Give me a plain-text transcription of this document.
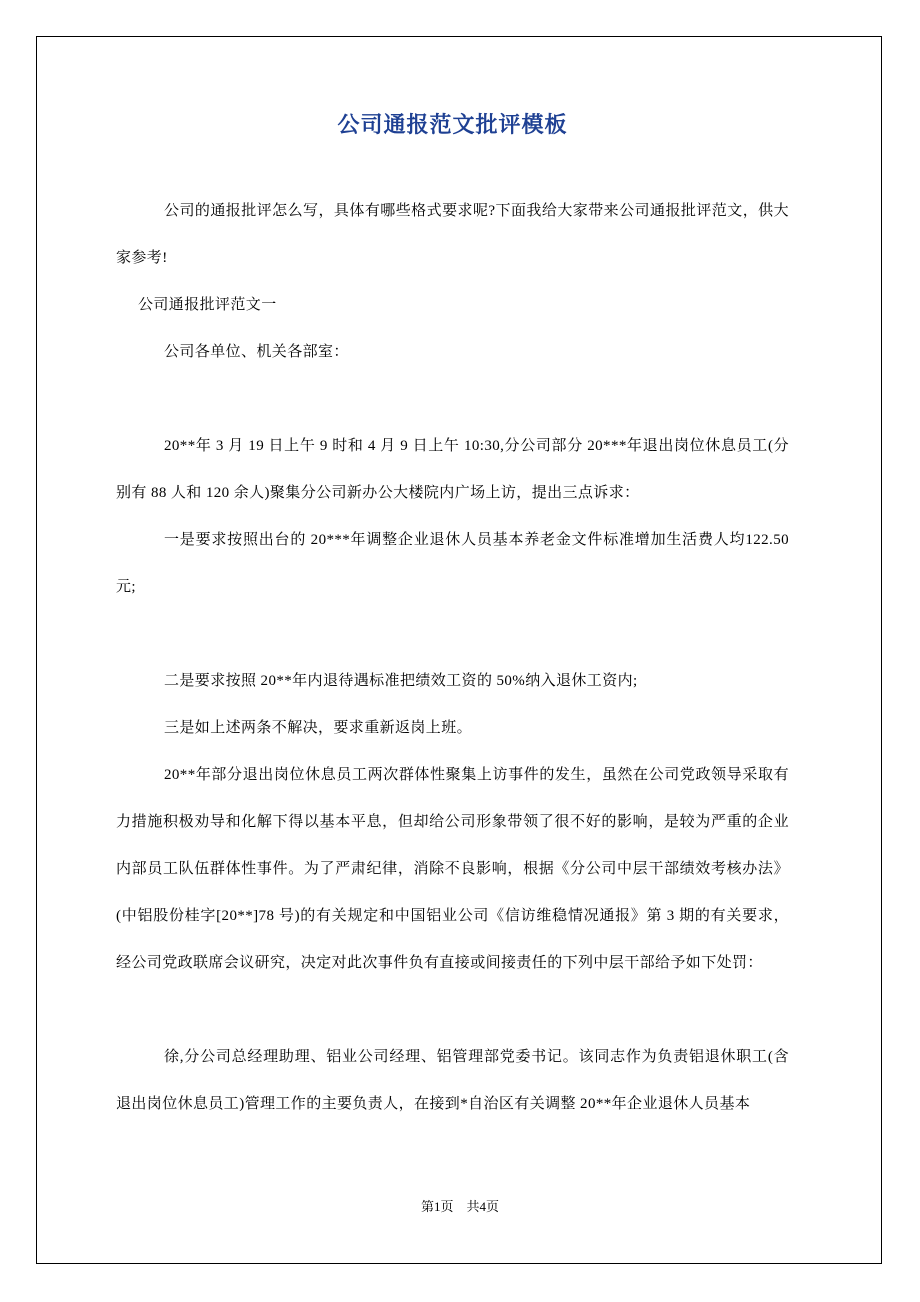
公司通报范文批评模板

公司的通报批评怎么写，具体有哪些格式要求呢?下面我给大家带来公司通报批评范文，供大家参考!

公司通报批评范文一

公司各单位、机关各部室：

20**年 3 月 19 日上午 9 时和 4 月 9 日上午 10:30,分公司部分 20***年退出岗位休息员工(分别有 88 人和 120 余人)聚集分公司新办公大楼院内广场上访，提出三点诉求：

一是要求按照出台的 20***年调整企业退休人员基本养老金文件标准增加生活费人均122.50元;

二是要求按照 20**年内退待遇标准把绩效工资的 50%纳入退休工资内;

三是如上述两条不解决，要求重新返岗上班。

20**年部分退出岗位休息员工两次群体性聚集上访事件的发生，虽然在公司党政领导采取有力措施积极劝导和化解下得以基本平息，但却给公司形象带领了很不好的影响，是较为严重的企业内部员工队伍群体性事件。为了严肃纪律，消除不良影响，根据《分公司中层干部绩效考核办法》(中铝股份桂字[20**]78 号)的有关规定和中国铝业公司《信访维稳情况通报》第 3 期的有关要求，经公司党政联席会议研究，决定对此次事件负有直接或间接责任的下列中层干部给予如下处罚：

徐,分公司总经理助理、铝业公司经理、铝管理部党委书记。该同志作为负责铝退休职工(含退出岗位休息员工)管理工作的主要负责人，在接到*自治区有关调整 20**年企业退休人员基本

第1页　共4页
